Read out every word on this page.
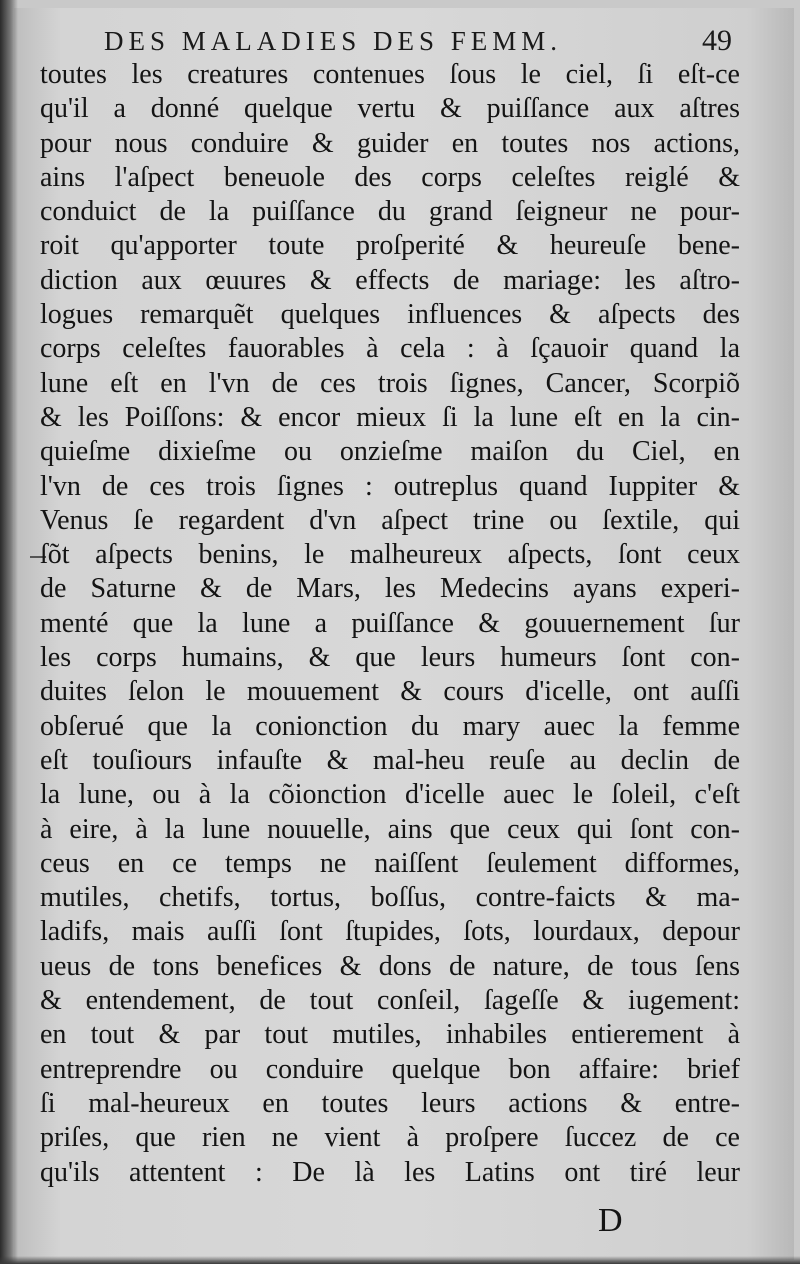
DES MALADIES DES FEMM.	49
toutes les creatures contenues ſous le ciel, ſi eſt-ce
qu'il a donné quelque vertu & puiſſance aux aſtres
pour nous conduire & guider en toutes nos actions,
ains l'aſpect beneuole des corps celeſtes reiglé &
conduict de la puiſſance du grand ſeigneur ne pour-
roit qu'apporter toute proſperité & heureuſe bene-
diction aux œuures & effects de mariage: les aſtro-
logues remarquẽt quelques influences & aſpects des
corps celeſtes fauorables à cela : à ſçauoir quand la
lune eſt en l'vn de ces trois ſignes, Cancer, Scorpiõ
& les Poiſſons: & encor mieux ſi la lune eſt en la cin-
quieſme dixieſme ou onzieſme maiſon du Ciel, en
l'vn de ces trois ſignes : outreplus quand Iuppiter &
Venus ſe regardent d'vn aſpect trine ou ſextile, qui
ſõt aſpects benins, le malheureux aſpects, ſont ceux
de Saturne & de Mars, les Medecins ayans experi-
menté que la lune a puiſſance & gouuernement ſur
les corps humains, & que leurs humeurs ſont con-
duites ſelon le mouuement & cours d'icelle, ont auſſi
obſerué que la conionction du mary auec la femme
eſt touſiours infauſte & mal-heu reuſe au declin de
la lune, ou à la cõionction d'icelle auec le ſoleil, c'eſt
à eire, à la lune nouuelle, ains que ceux qui ſont con-
ceus en ce temps ne naiſſent ſeulement difformes,
mutiles, chetifs, tortus, boſſus, contre-faicts & ma-
ladifs, mais auſſi ſont ſtupides, ſots, lourdaux, depour
ueus de tons benefices & dons de nature, de tous ſens
& entendement, de tout conſeil, ſageſſe & iugement:
en tout & par tout mutiles, inhabiles entierement à
entreprendre ou conduire quelque bon affaire: brief
ſi mal-heureux en toutes leurs actions & entre-
priſes, que rien ne vient à proſpere ſuccez de ce
qu'ils attentent : De là les Latins ont tiré leur
D
